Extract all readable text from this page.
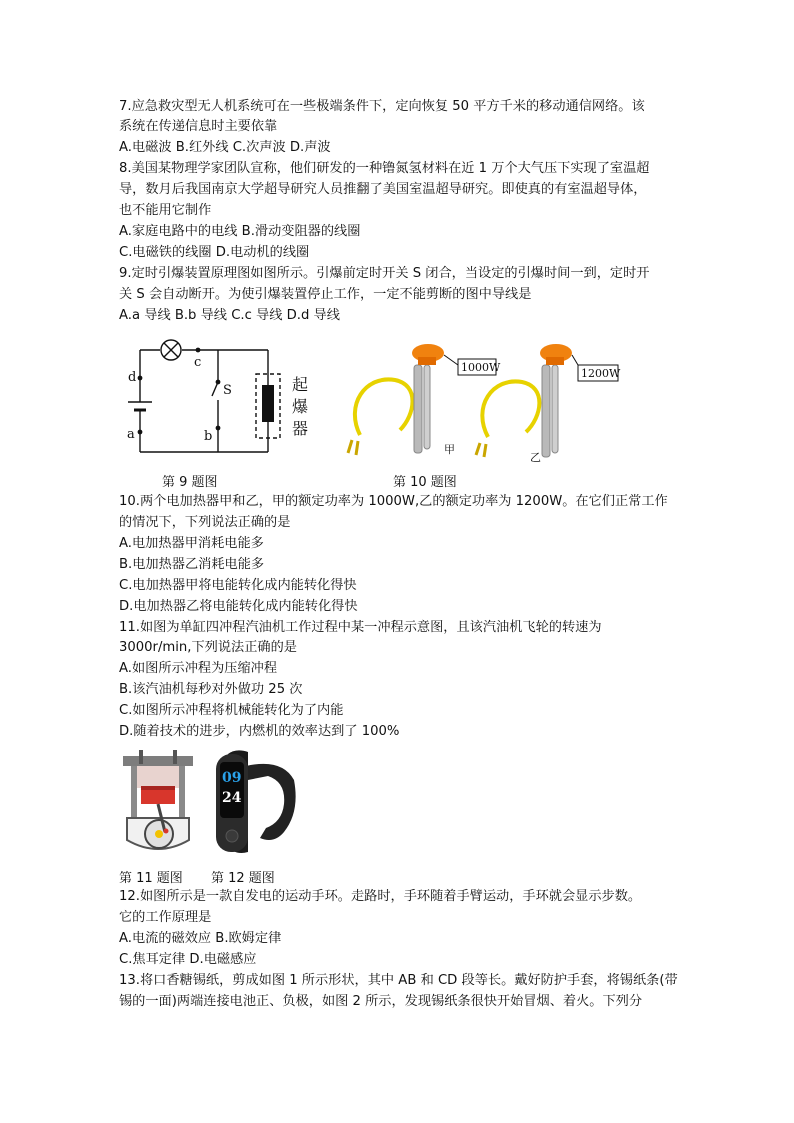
7.应急救灾型无人机系统可在一些极端条件下，定向恢复 50 平方千米的移动通信网络。该
系统在传递信息时主要依靠
A.电磁波 B.红外线 C.次声波 D.声波
8.美国某物理学家团队宣称，他们研发的一种镥氮氢材料在近 1 万个大气压下实现了室温超
导，数月后我国南京大学超导研究人员推翻了美国室温超导研究。即使真的有室温超导体，
也不能用它制作
A.家庭电路中的电线 B.滑动变阻器的线圈
C.电磁铁的线圈 D.电动机的线圈
9.定时引爆装置原理图如图所示。引爆前定时开关 S 闭合，当设定的引爆时间一到，定时开
关 S 会自动断开。为使引爆装置停止工作，一定不能剪断的图中导线是
A.a 导线 B.b 导线 C.c 导线 D.d 导线
d
a
c
b
S	起
爆
器
1000W
甲
1200W
乙
第 9 题图	第 10 题图
10.两个电加热器甲和乙，甲的额定功率为 1000W,乙的额定功率为 1200W。在它们正常工作
的情况下，下列说法正确的是
A.电加热器甲消耗电能多
B.电加热器乙消耗电能多
C.电加热器甲将电能转化成内能转化得快
D.电加热器乙将电能转化成内能转化得快
11.如图为单缸四冲程汽油机工作过程中某一冲程示意图，且该汽油机飞轮的转速为
3000r/min,下列说法正确的是
A.如图所示冲程为压缩冲程
B.该汽油机每秒对外做功 25 次
C.如图所示冲程将机械能转化为了内能
D.随着技术的进步，内燃机的效率达到了 100%
09
24
第 11 题图 第 12 题图
12.如图所示是一款自发电的运动手环。走路时，手环随着手臂运动，手环就会显示步数。
它的工作原理是
A.电流的磁效应 B.欧姆定律
C.焦耳定律 D.电磁感应
13.将口香糖锡纸，剪成如图 1 所示形状，其中 AB 和 CD 段等长。戴好防护手套，将锡纸条(带
锡的一面)两端连接电池正、负极，如图 2 所示，发现锡纸条很快开始冒烟、着火。下列分
